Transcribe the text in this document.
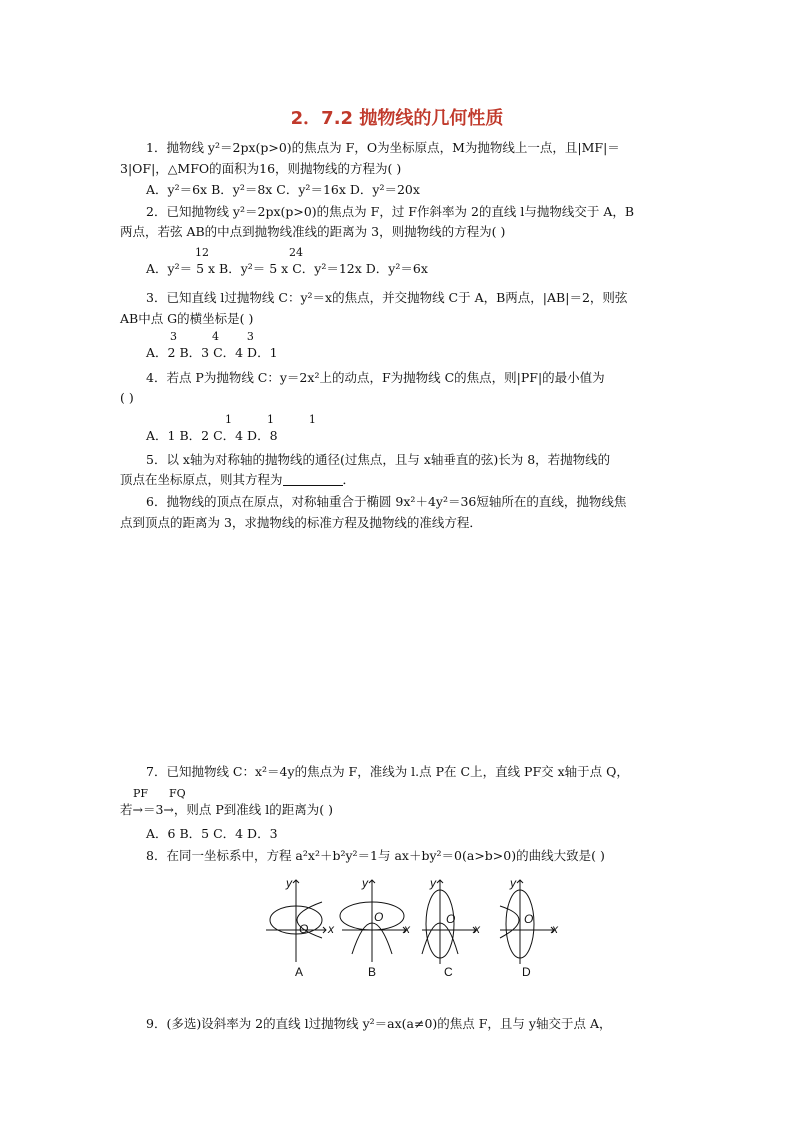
2．7.2 抛物线的几何性质
1．抛物线 y²＝2px(p>0)的焦点为 F，O为坐标原点，M为抛物线上一点，且|MF|＝
3|OF|，△MFO的面积为16，则抛物线的方程为( )
A．y²＝6x B．y²＝8x C．y²＝16x D．y²＝20x
2．已知抛物线 y²＝2px(p>0)的焦点为 F，过 F作斜率为 2的直线 l与抛物线交于 A，B
两点，若弦 AB的中点到抛物线准线的距离为 3，则抛物线的方程为( )
12	24
A．y²＝ 5 x B．y²＝ 5 x C．y²＝12x D．y²＝6x
3．已知直线 l过抛物线 C：y²＝x的焦点，并交抛物线 C于 A，B两点，|AB|＝2，则弦
AB中点 G的横坐标是( )
3          4        3
A．2 B．3 C．4 D．1
4．若点 P为抛物线 C：y＝2x²上的动点，F为抛物线 C的焦点，则|PF|的最小值为
( )
1          1          1
A．1 B．2 C．4 D．8
5．以 x轴为对称轴的抛物线的通径(过焦点，且与 x轴垂直的弦)长为 8，若抛物线的
顶点在坐标原点，则其方程为	．
6．抛物线的顶点在原点，对称轴重合于椭圆 9x²＋4y²＝36短轴所在的直线，抛物线焦
点到顶点的距离为 3，求抛物线的标准方程及抛物线的准线方程．
7．已知抛物线 C：x²＝4y的焦点为 F，准线为 l.点 P在 C上，直线 PF交 x轴于点 Q，
PF      FQ
若→＝3→，则点 P到准线 l的距离为( )
A．6 B．5 C．4 D．3
8．在同一坐标系中，方程 a²x²＋b²y²＝1与 ax＋by²＝0(a>b>0)的曲线大致是( )
y
x
O
A
y
x
O
B
y
x
O
C
y
x
O
D
9．(多选)设斜率为 2的直线 l过抛物线 y²＝ax(a≠0)的焦点 F，且与 y轴交于点 A，
